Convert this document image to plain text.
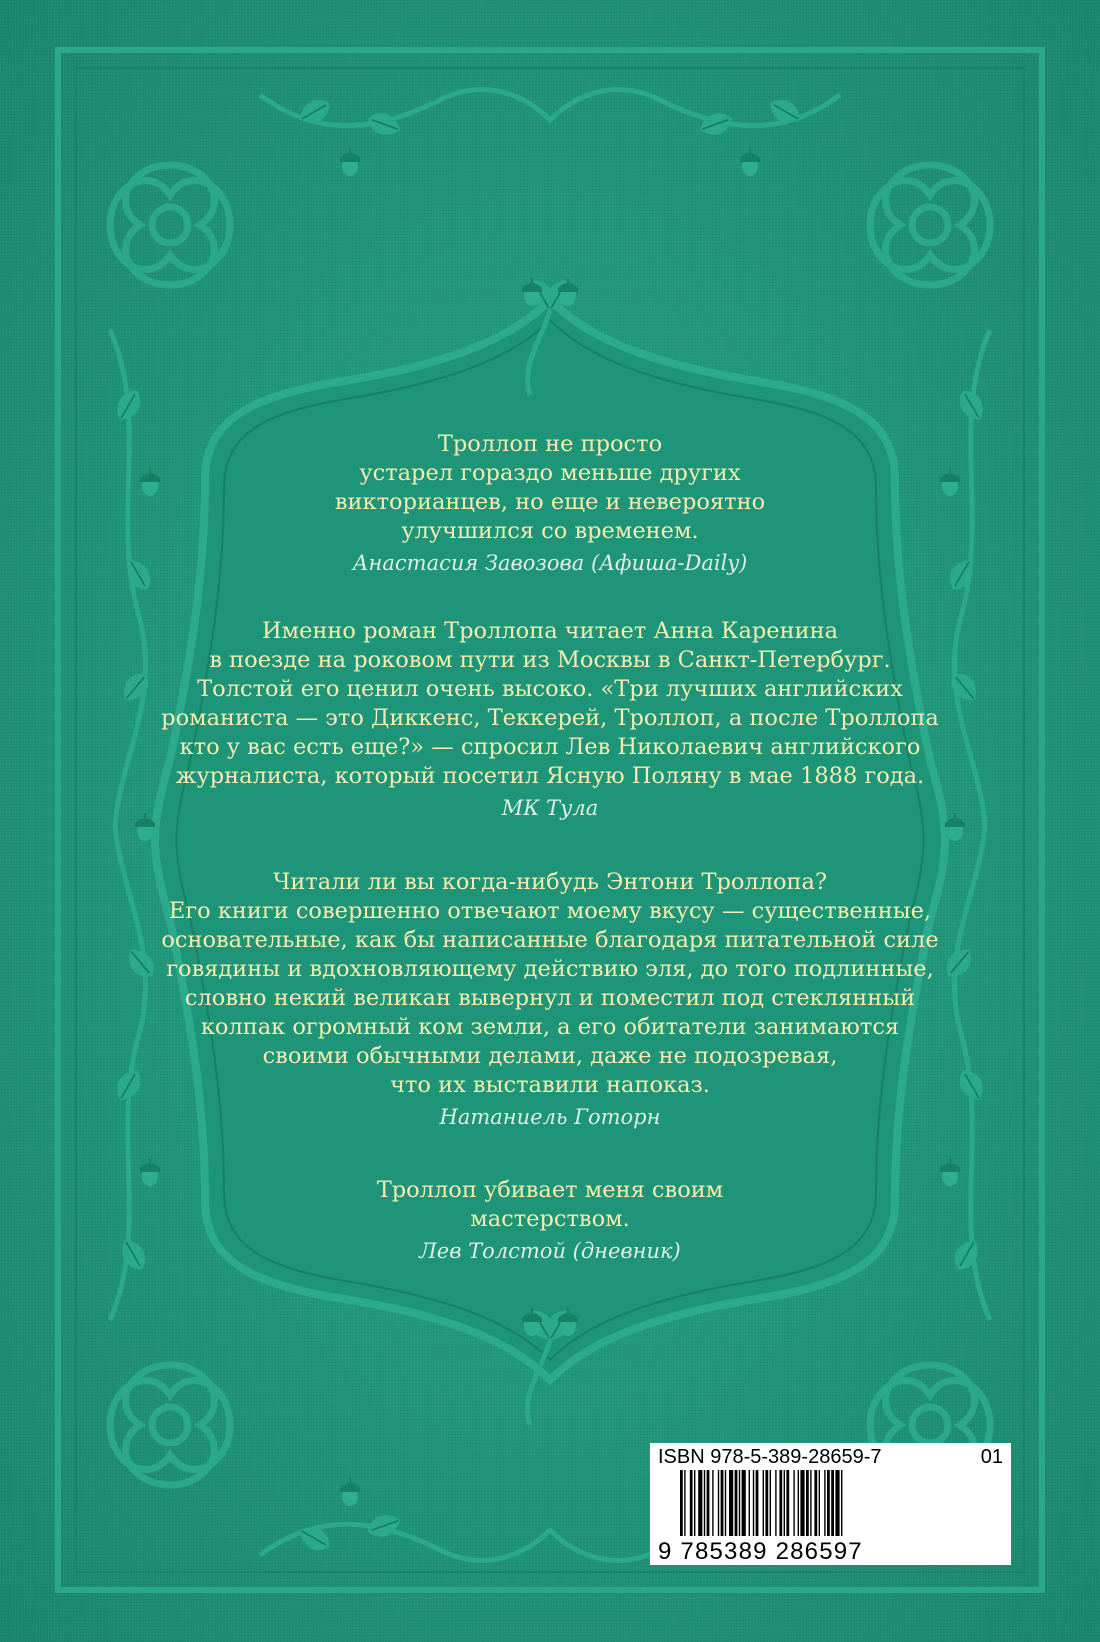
Троллоп не просто
устарел гораздо меньше других
викторианцев, но еще и невероятно
улучшился со временем.
Анастасия Завозова (Афиша-Daily)
Именно роман Троллопа читает Анна Каренина
в поезде на роковом пути из Москвы в Санкт-Петербург.
Толстой его ценил очень высоко. «Три лучших английских
романиста — это Диккенс, Теккерей, Троллоп, а после Троллопа
кто у вас есть еще?» — спросил Лев Николаевич английского
журналиста, который посетил Ясную Поляну в мае 1888 года.
МК Тула
Читали ли вы когда-нибудь Энтони Троллопа?
Его книги совершенно отвечают моему вкусу — существенные,
основательные, как бы написанные благодаря питательной силе
говядины и вдохновляющему действию эля, до того подлинные,
словно некий великан вывернул и поместил под стеклянный
колпак огромный ком земли, а его обитатели занимаются
своими обычными делами, даже не подозревая,
что их выставили напоказ.
Натаниель Готорн
Троллоп убивает меня своим
мастерством.
Лев Толстой (дневник)
ISBN 978-5-389-28659-7	01
9 785389 286597
